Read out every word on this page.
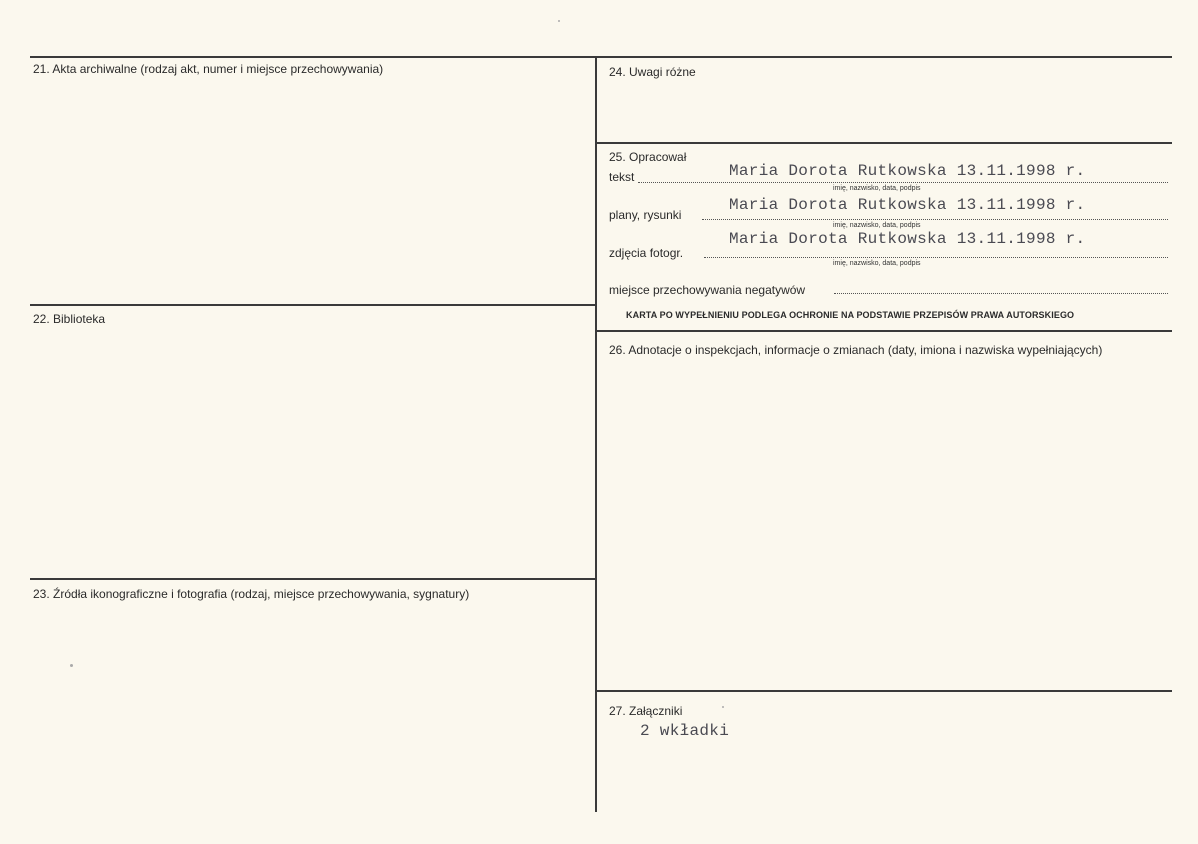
21. Akta archiwalne (rodzaj akt, numer i miejsce przechowywania)
22. Biblioteka
23. Źródła ikonograficzne i fotografia (rodzaj, miejsce przechowywania, sygnatury)
24. Uwagi różne
25. Opracował
tekst	Maria Dorota Rutkowska 13.11.1998 r.
imię, nazwisko, data, podpis
plany, rysunki
Maria Dorota Rutkowska 13.11.1998 r.
imię, nazwisko, data, podpis
zdjęcia fotogr.
Maria Dorota Rutkowska 13.11.1998 r.
imię, nazwisko, data, podpis
miejsce przechowywania negatywów
KARTA PO WYPEŁNIENIU PODLEGA OCHRONIE NA PODSTAWIE PRZEPISÓW PRAWA AUTORSKIEGO
26. Adnotacje o inspekcjach, informacje o zmianach (daty, imiona i nazwiska wypełniających)
27. Załączniki
2 wkładki
